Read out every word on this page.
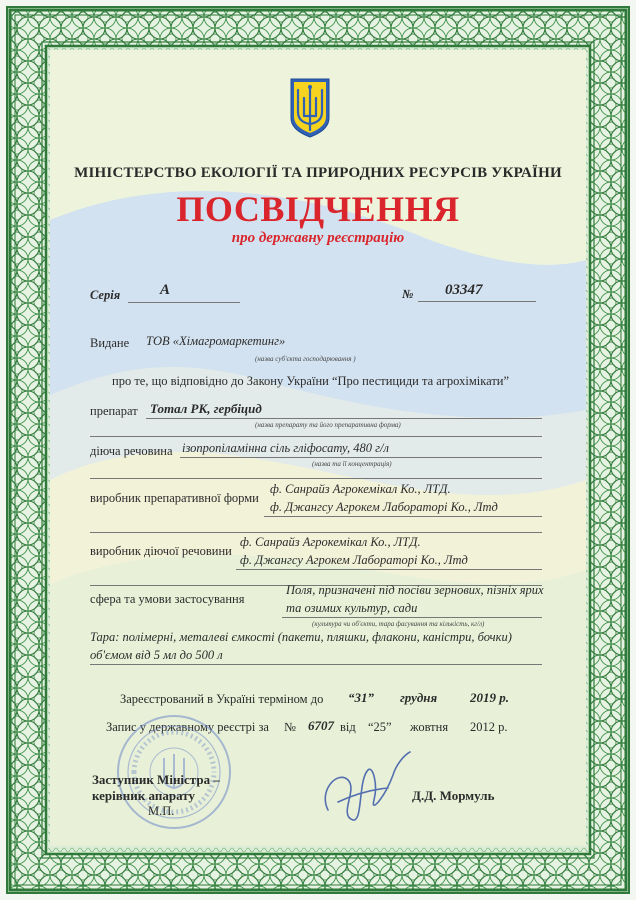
МІНІСТЕРСТВО ЕКОЛОГІЇ ТА ПРИРОДНИХ РЕСУРСІВ УКРАЇНИ
ПОСВІДЧЕННЯ
про державну реєстрацію
Серія	А	№ 03347
Видане ТОВ «Хімагромаркетинг»
(назва суб'єкта господарювання )
про те, що відповідно до Закону України “Про пестициди та агрохімікати”
препарат Тотал РК, гербіцид
(назва препарату та його препаративна форма)
діюча речовина ізопропіламінна сіль гліфосату, 480 г/л
(назва та її концентрація)
виробник препаративної форми
ф. Санрайз Агрокемікал Ко., ЛТД.
ф. Джангсу Агрокем Лабораторі Ко., Лтд
виробник діючої речовини
ф. Санрайз Агрокемікал Ко., ЛТД.
ф. Джангсу Агрокем Лабораторі Ко., Лтд
сфера та умови застосування
Поля, призначені під посіви зернових, пізніх ярих
та озимих культур, сади
(культура чи об'єкти, тара фасування та кількість, кг/л)
Тара: полімерні, металеві ємкості (пакети, пляшки, флакони, каністри, бочки)
об'ємом від 5 мл до 500 л
Зареєстрований в Україні терміном до “31” грудня	2019 р.
Запис у державному реєстрі за № 6707 від “25” жовтня 2012 р.
Заступник Міністра –
керівник апарату
М.П.
Д.Д. Мормуль
